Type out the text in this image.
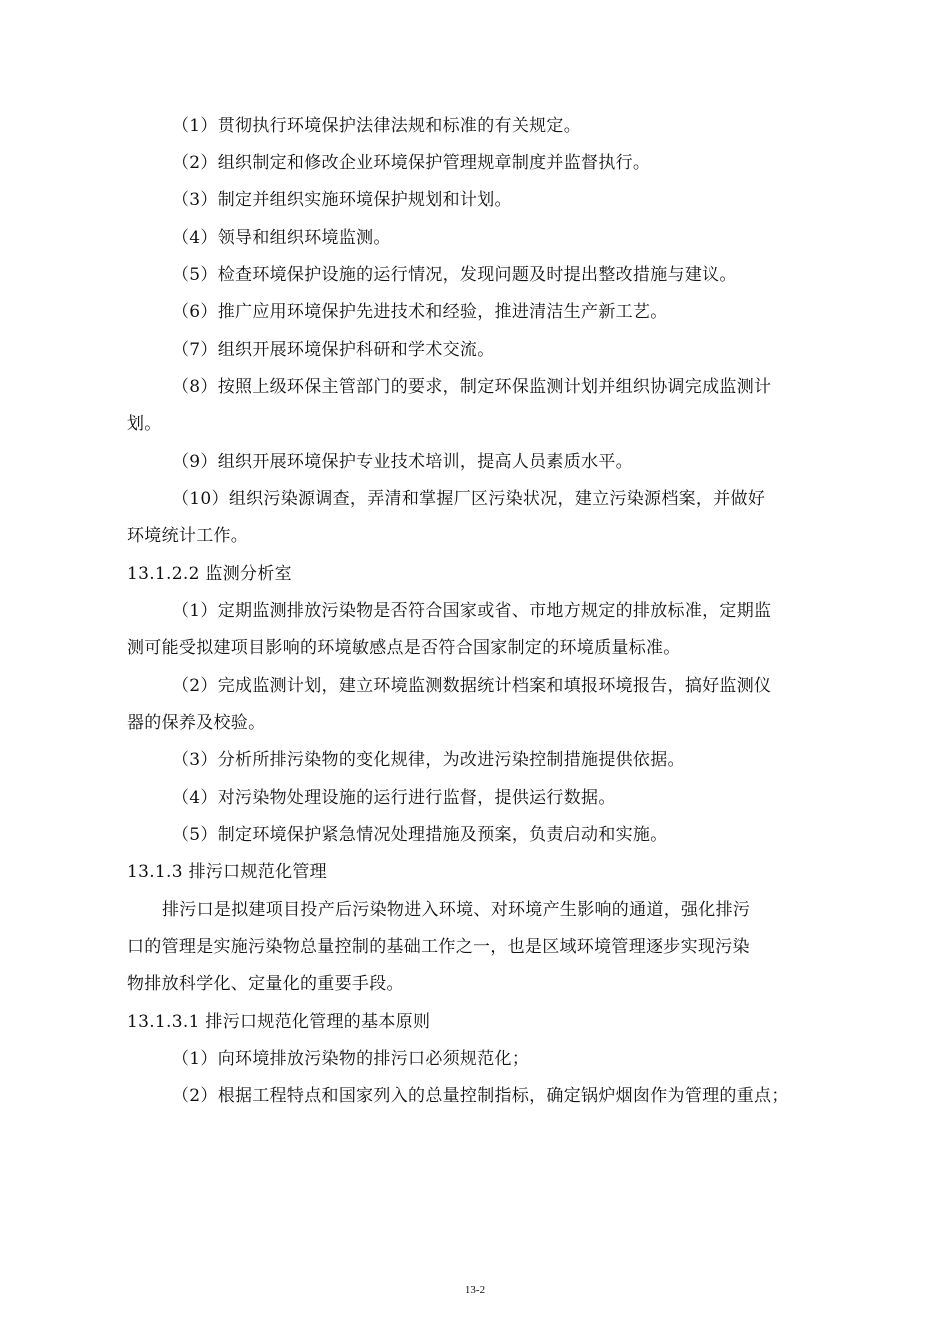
（1）贯彻执行环境保护法律法规和标准的有关规定。
（2）组织制定和修改企业环境保护管理规章制度并监督执行。
（3）制定并组织实施环境保护规划和计划。
（4）领导和组织环境监测。
（5）检查环境保护设施的运行情况，发现问题及时提出整改措施与建议。
（6）推广应用环境保护先进技术和经验，推进清洁生产新工艺。
（7）组织开展环境保护科研和学术交流。
（8）按照上级环保主管部门的要求，制定环保监测计划并组织协调完成监测计
划。
（9）组织开展环境保护专业技术培训，提高人员素质水平。
（10）组织污染源调查，弄清和掌握厂区污染状况，建立污染源档案，并做好
环境统计工作。
13.1.2.2 监测分析室
（1）定期监测排放污染物是否符合国家或省、市地方规定的排放标准，定期监
测可能受拟建项目影响的环境敏感点是否符合国家制定的环境质量标准。
（2）完成监测计划，建立环境监测数据统计档案和填报环境报告，搞好监测仪
器的保养及校验。
（3）分析所排污染物的变化规律，为改进污染控制措施提供依据。
（4）对污染物处理设施的运行进行监督，提供运行数据。
（5）制定环境保护紧急情况处理措施及预案，负责启动和实施。
13.1.3 排污口规范化管理
排污口是拟建项目投产后污染物进入环境、对环境产生影响的通道，强化排污
口的管理是实施污染物总量控制的基础工作之一，也是区域环境管理逐步实现污染
物排放科学化、定量化的重要手段。
13.1.3.1 排污口规范化管理的基本原则
（1）向环境排放污染物的排污口必须规范化；
（2）根据工程特点和国家列入的总量控制指标，确定锅炉烟囱作为管理的重点；
13-2
